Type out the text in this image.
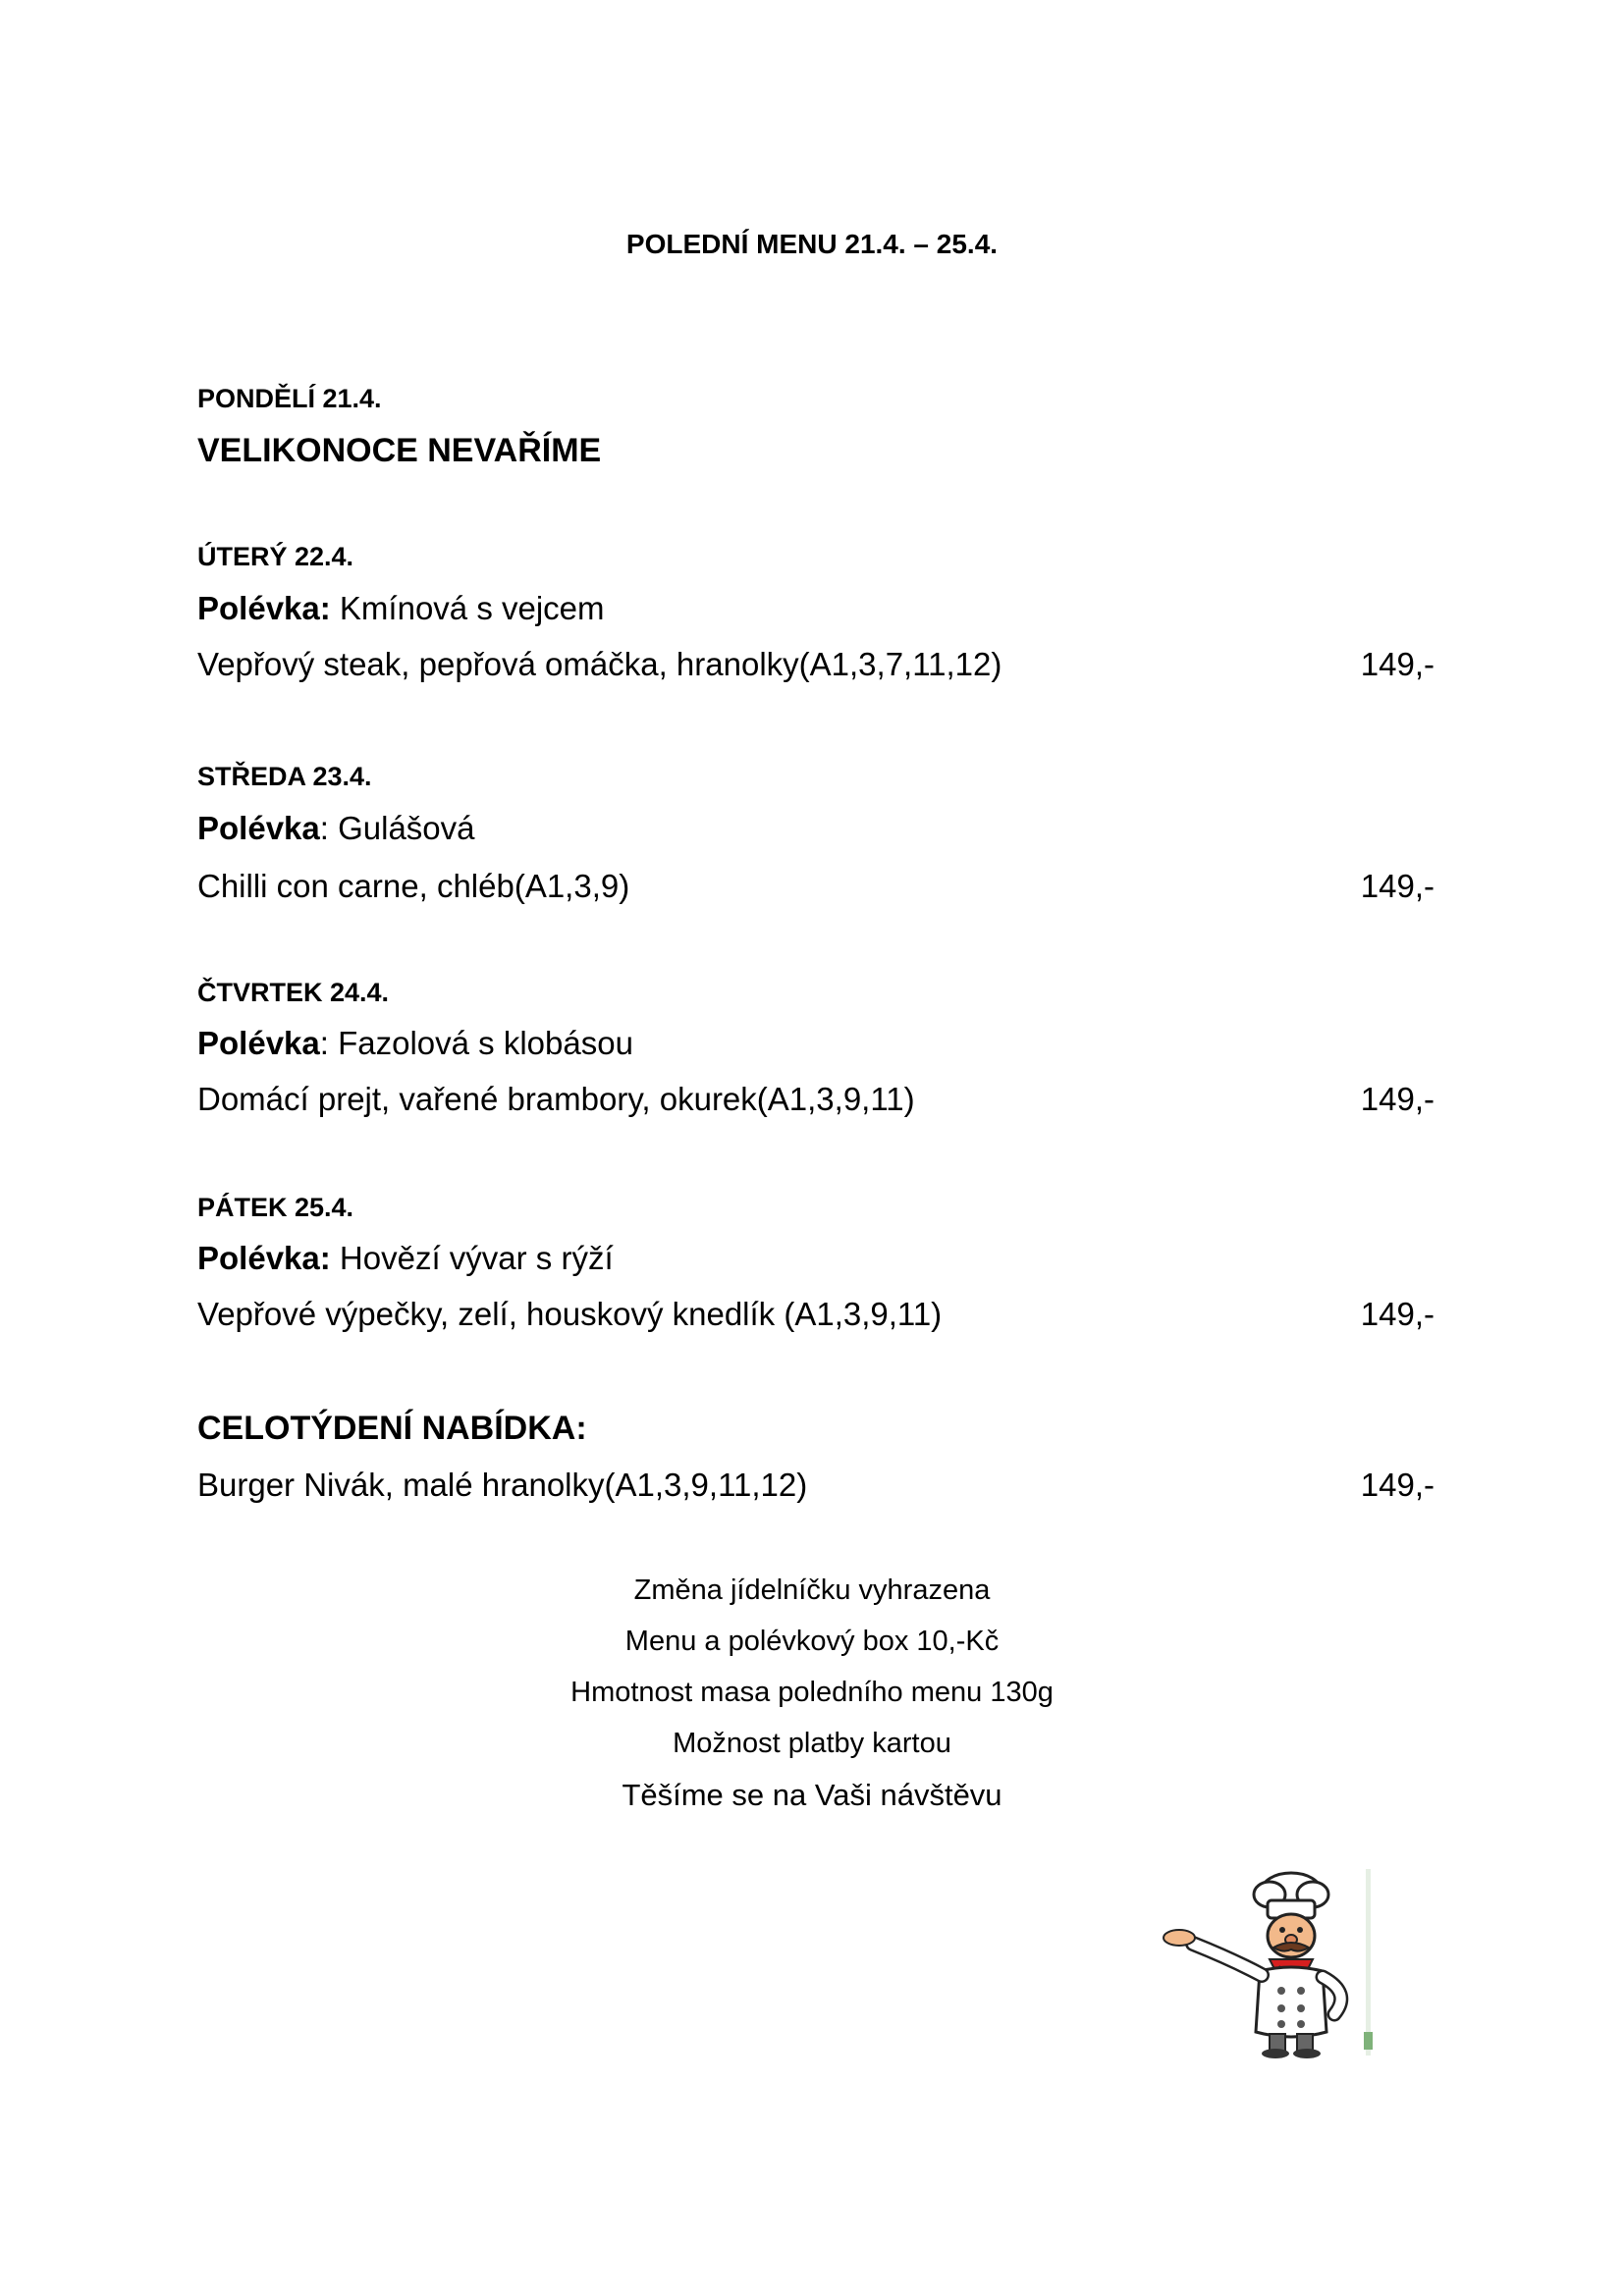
POLEDNÍ MENU 21.4. – 25.4.
PONDĚLÍ 21.4.
VELIKONOCE NEVAŘÍME
ÚTERÝ 22.4.
Polévka: Kmínová s vejcem
Vepřový steak, pepřová omáčka, hranolky(A1,3,7,11,12)	149,-
STŘEDA 23.4.
Polévka: Gulášová
Chilli con carne, chléb(A1,3,9)	149,-
ČTVRTEK 24.4.
Polévka: Fazolová s klobásou
Domácí prejt, vařené brambory, okurek(A1,3,9,11)	149,-
PÁTEK 25.4.
Polévka: Hovězí vývar s rýží
Vepřové výpečky, zelí, houskový knedlík (A1,3,9,11)	149,-
CELOTÝDENÍ NABÍDKA:
Burger Nivák, malé hranolky(A1,3,9,11,12)	149,-
Změna jídelníčku vyhrazena
Menu a polévkový box 10,-Kč
Hmotnost masa poledního menu 130g
Možnost platby kartou
Těšíme se na Vaši návštěvu
